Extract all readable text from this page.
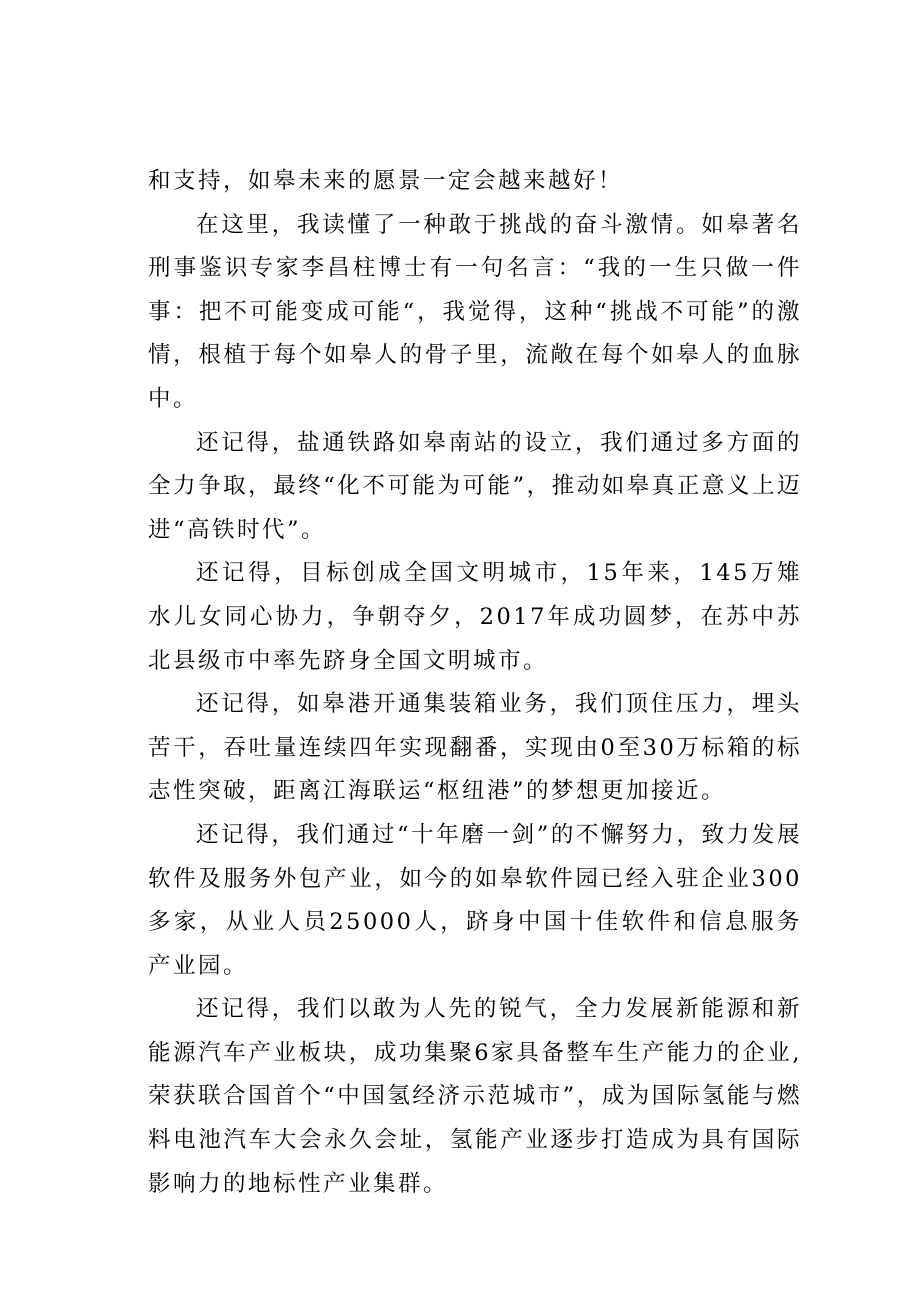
和支持，如皋未来的愿景一定会越来越好！

在这里，我读懂了一种敢于挑战的奋斗激情。如皋著名刑事鉴识专家李昌柱博士有一句名言：“我的一生只做一件事：把不可能变成可能“，我觉得，这种“挑战不可能”的激情，根植于每个如皋人的骨子里，流敞在每个如皋人的血脉中。

还记得，盐通铁路如皋南站的设立，我们通过多方面的全力争取，最终“化不可能为可能”，推动如皋真正意义上迈进“高铁时代”。

还记得，目标创成全国文明城市，15年来，145万雉水儿女同心协力，争朝夺夕，2017年成功圆梦，在苏中苏北县级市中率先跻身全国文明城市。

还记得，如皋港开通集装箱业务，我们顶住压力，埋头苦干，吞吐量连续四年实现翻番，实现由0至30万标箱的标志性突破，距离江海联运“枢纽港”的梦想更加接近。

还记得，我们通过“十年磨一剑”的不懈努力，致力发展软件及服务外包产业，如今的如皋软件园已经入驻企业300多家，从业人员25000人，跻身中国十佳软件和信息服务产业园。

还记得，我们以敢为人先的锐气，全力发展新能源和新能源汽车产业板块，成功集聚6家具备整车生产能力的企业,荣获联合国首个“中国氢经济示范城市”，成为国际氢能与燃料电池汽车大会永久会址，氢能产业逐步打造成为具有国际影响力的地标性产业集群。
